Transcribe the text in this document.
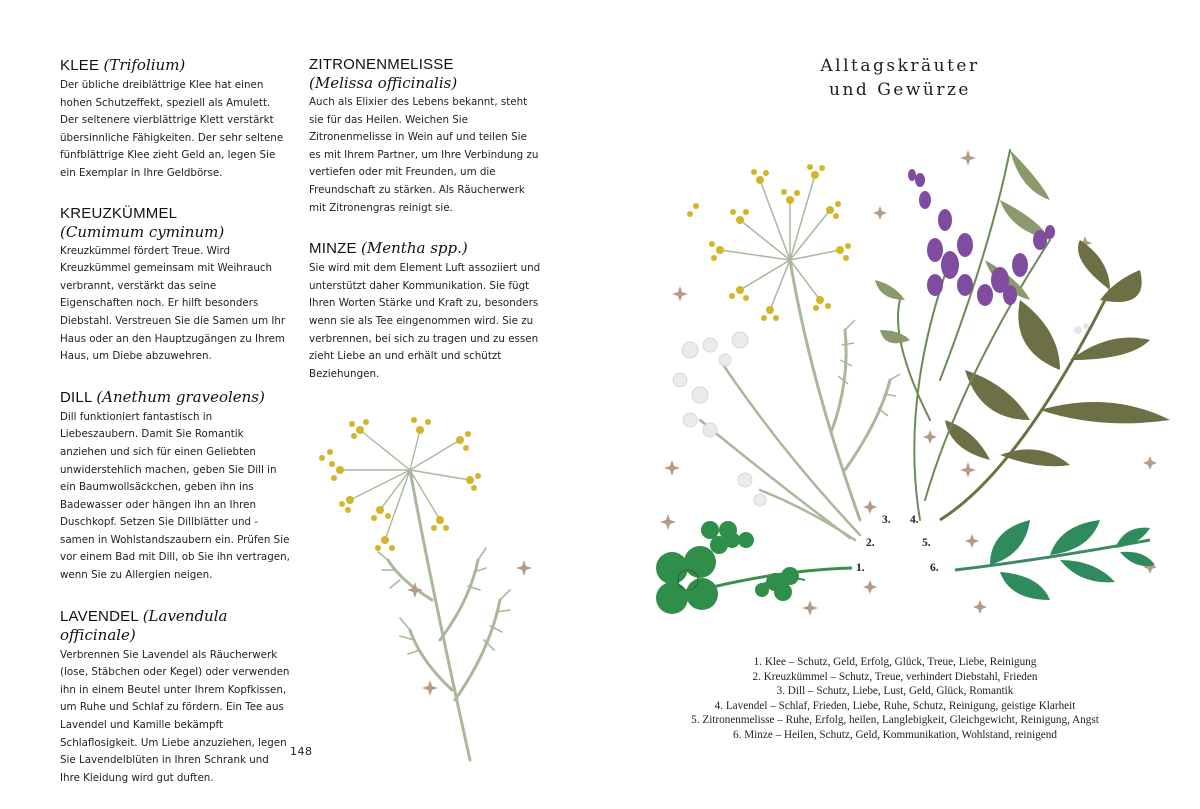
KLEE (Trifolium)

Der übliche dreiblättrige Klee hat einen hohen Schutzeffekt, speziell als Amulett. Der seltenere vierblättrige Klett verstärkt übersinnliche Fähigkeiten. Der sehr seltene fünfblättrige Klee zieht Geld an, legen Sie ein Exemplar in Ihre Geldbörse.

KREUZKÜMMEL
(Cumimum cyminum)

Kreuzkümmel fördert Treue. Wird Kreuzkümmel gemeinsam mit Weihrauch verbrannt, verstärkt das seine Eigenschaften noch. Er hilft besonders Diebstahl. Verstreuen Sie die Samen um Ihr Haus oder an den Hauptzugängen zu Ihrem Haus, um Diebe abzuwehren.

DILL (Anethum graveolens)

Dill funktioniert fantastisch in Liebeszaubern. Damit Sie Romantik anziehen und sich für einen Geliebten unwiderstehlich machen, geben Sie Dill in ein Baumwollsäckchen, geben ihn ins Badewasser oder hängen ihn an Ihren Duschkopf. Setzen Sie Dillblätter und -samen in Wohlstandszaubern ein. Prüfen Sie vor einem Bad mit Dill, ob Sie ihn vertragen, wenn Sie zu Allergien neigen.

LAVENDEL (Lavendula officinale)

Verbrennen Sie Lavendel als Räucherwerk (lose, Stäbchen oder Kegel) oder verwenden ihn in einem Beutel unter Ihrem Kopfkissen, um Ruhe und Schlaf zu fördern. Ein Tee aus Lavendel und Kamille bekämpft Schlaflosigkeit. Um Liebe anzuziehen, legen Sie Lavendelblüten in Ihren Schrank und Ihre Kleidung wird gut duften.

ZITRONENMELISSE
(Melissa officinalis)

Auch als Elixier des Lebens bekannt, steht sie für das Heilen. Weichen Sie Zitronenmelisse in Wein auf und teilen Sie es mit Ihrem Partner, um Ihre Verbindung zu vertiefen oder mit Freunden, um die Freundschaft zu stärken. Als Räucherwerk mit Zitronengras reinigt sie.

MINZE (Mentha spp.)

Sie wird mit dem Element Luft assoziiert und unterstützt daher Kommunikation. Sie fügt Ihren Worten Stärke und Kraft zu, besonders wenn sie als Tee eingenommen wird. Sie zu verbrennen, bei sich zu tragen und zu essen zieht Liebe an und erhält und schützt Beziehungen.

148
Alltagskräuter
und Gewürze
1.
2.
3. 4.
5.
6.
1. Klee – Schutz, Geld, Erfolg, Glück, Treue, Liebe, Reinigung
2. Kreuzkümmel – Schutz, Treue, verhindert Diebstahl, Frieden
3. Dill – Schutz, Liebe, Lust, Geld, Glück, Romantik
4. Lavendel – Schlaf, Frieden, Liebe, Ruhe, Schutz, Reinigung, geistige Klarheit
5. Zitronenmelisse – Ruhe, Erfolg, heilen, Langlebigkeit, Gleichgewicht, Reinigung, Angst
6. Minze – Heilen, Schutz, Geld, Kommunikation, Wohlstand, reinigend
